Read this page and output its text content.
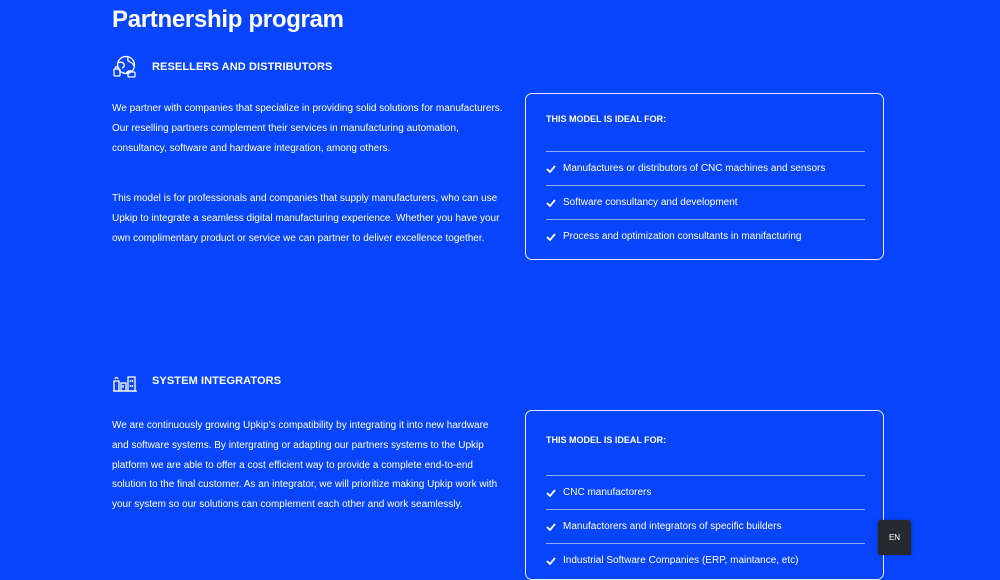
Partnership program
RESELLERS AND DISTRIBUTORS

We partner with companies that specialize in providing solid solutions for manufacturers. Our reselling partners complement their services in manufacturing automation, consultancy, software and hardware integration, among others.

This model is for professionals and companies that supply manufacturers, who can use Upkip to integrate a seamless digital manufacturing experience. Whether you have your own complimentary product or service we can partner to deliver excellence together.

THIS MODEL IS IDEAL FOR:

Manufactures or distributors of CNC machines and sensors
Software consultancy and development
Process and optimization consultants in manifacturing
SYSTEM INTEGRATORS

We are continuously growing Upkip’s compatibility by integrating it into new hardware and software systems. By intergrating or adapting our partners systems to the Upkip platform we are able to offer a cost efficient way to provide a complete end-to-end solution to the final customer. As an integrator, we will prioritize making Upkip work with your system so our solutions can complement each other and work seamlessly.

THIS MODEL IS IDEAL FOR:

CNC manufactorers
Manufactorers and integrators of specific builders
Industrial Software Companies (ERP, maintance, etc)
EN
